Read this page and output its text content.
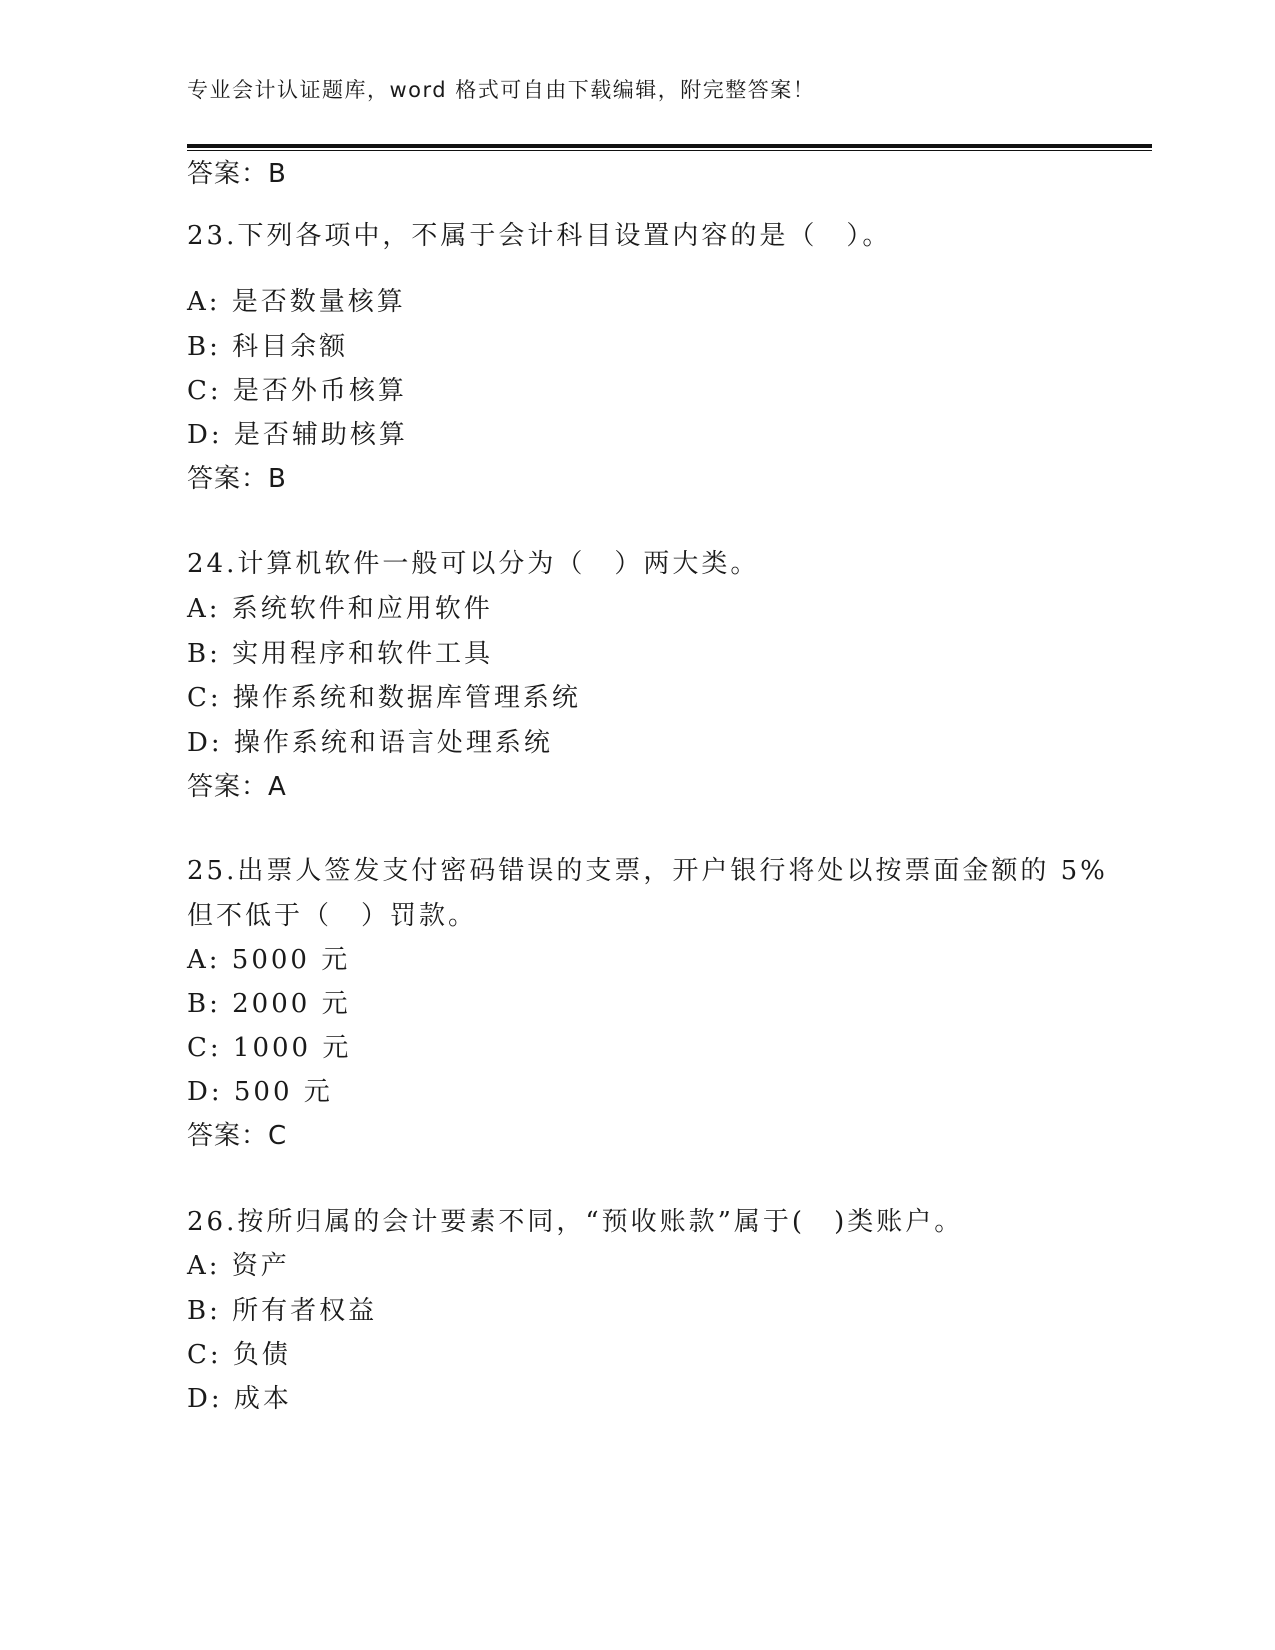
专业会计认证题库，word 格式可自由下载编辑，附完整答案！
答案：B
23.下列各项中，不属于会计科目设置内容的是（　）。
A: 是否数量核算
B: 科目余额
C: 是否外币核算
D: 是否辅助核算
答案：B
24.计算机软件一般可以分为（　）两大类。
A: 系统软件和应用软件
B: 实用程序和软件工具
C: 操作系统和数据库管理系统
D: 操作系统和语言处理系统
答案：A
25.出票人签发支付密码错误的支票，开户银行将处以按票面金额的 5%
但不低于（　）罚款。
A: 5000 元
B: 2000 元
C: 1000 元
D: 500 元
答案：C
26.按所归属的会计要素不同，“预收账款”属于(　)类账户。
A: 资产
B: 所有者权益
C: 负债
D: 成本
